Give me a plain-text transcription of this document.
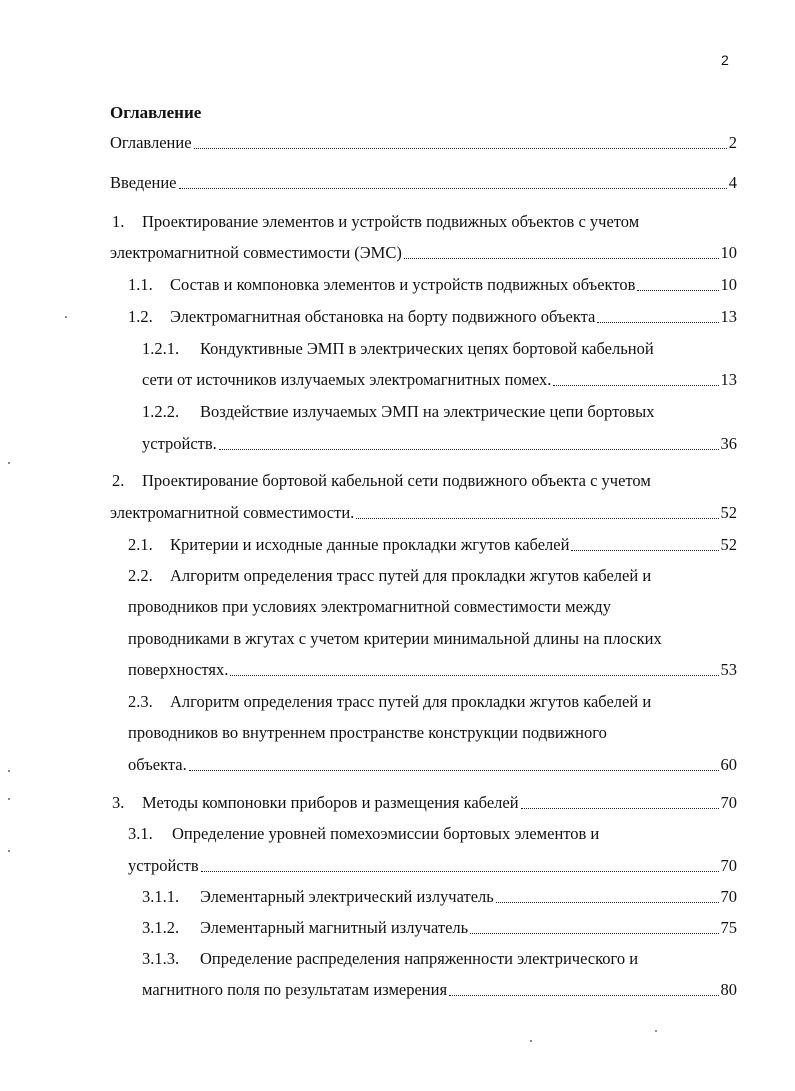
2
Оглавление
Оглавление	2
Введение	4
1. Проектирование элементов и устройств подвижных объектов с учетом
электромагнитной совместимости (ЭМС)	10
1.1. Состав и компоновка элементов и устройств подвижных объектов	10
1.2. Электромагнитная обстановка на борту подвижного объекта	13
1.2.1. Кондуктивные ЭМП в электрических цепях бортовой кабельной
сети от источников излучаемых электромагнитных помех.	13
1.2.2. Воздействие излучаемых ЭМП на электрические цепи бортовых
устройств.	36
2. Проектирование бортовой кабельной сети подвижного объекта с учетом
электромагнитной совместимости.	52
2.1. Критерии и исходные данные прокладки жгутов кабелей	52
2.2. Алгоритм определения трасс путей для прокладки жгутов кабелей и
проводников при условиях электромагнитной совместимости между
проводниками в жгутах с учетом критерии минимальной длины на плоских
поверхностях.	53
2.3. Алгоритм определения трасс путей для прокладки жгутов кабелей и
проводников во внутреннем пространстве конструкции подвижного
объекта.	60
3. Методы компоновки приборов и размещения кабелей	70
3.1. Определение уровней помехоэмиссии бортовых элементов и
устройств	70
3.1.1. Элементарный электрический излучатель	70
3.1.2. Элементарный магнитный излучатель	75
3.1.3. Определение распределения напряженности электрического и
магнитного поля по результатам измерения	80
